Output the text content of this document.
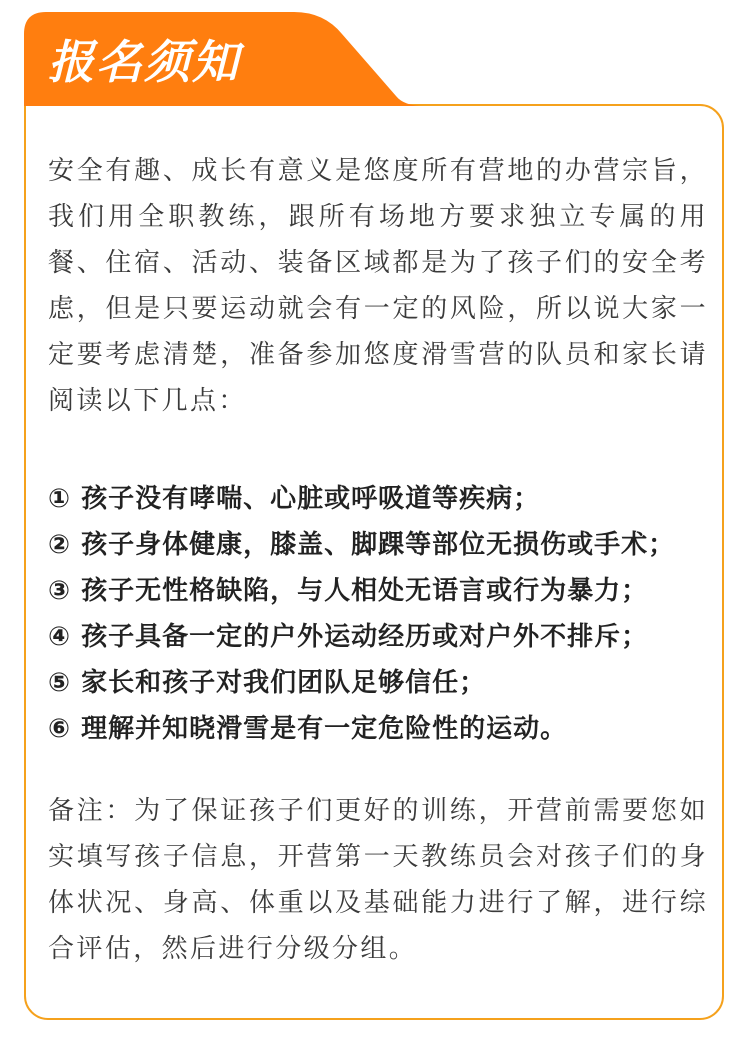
报名须知

安全有趣、成长有意义是悠度所有营地的办营宗旨，我们用全职教练，跟所有场地方要求独立专属的用餐、住宿、活动、装备区域都是为了孩子们的安全考虑，但是只要运动就会有一定的风险，所以说大家一定要考虑清楚，准备参加悠度滑雪营的队员和家长请阅读以下几点：

① 孩子没有哮喘、心脏或呼吸道等疾病；
② 孩子身体健康，膝盖、脚踝等部位无损伤或手术；
③ 孩子无性格缺陷，与人相处无语言或行为暴力；
④ 孩子具备一定的户外运动经历或对户外不排斥；
⑤ 家长和孩子对我们团队足够信任；
⑥ 理解并知晓滑雪是有一定危险性的运动。

备注：为了保证孩子们更好的训练，开营前需要您如实填写孩子信息，开营第一天教练员会对孩子们的身体状况、身高、体重以及基础能力进行了解，进行综合评估，然后进行分级分组。
